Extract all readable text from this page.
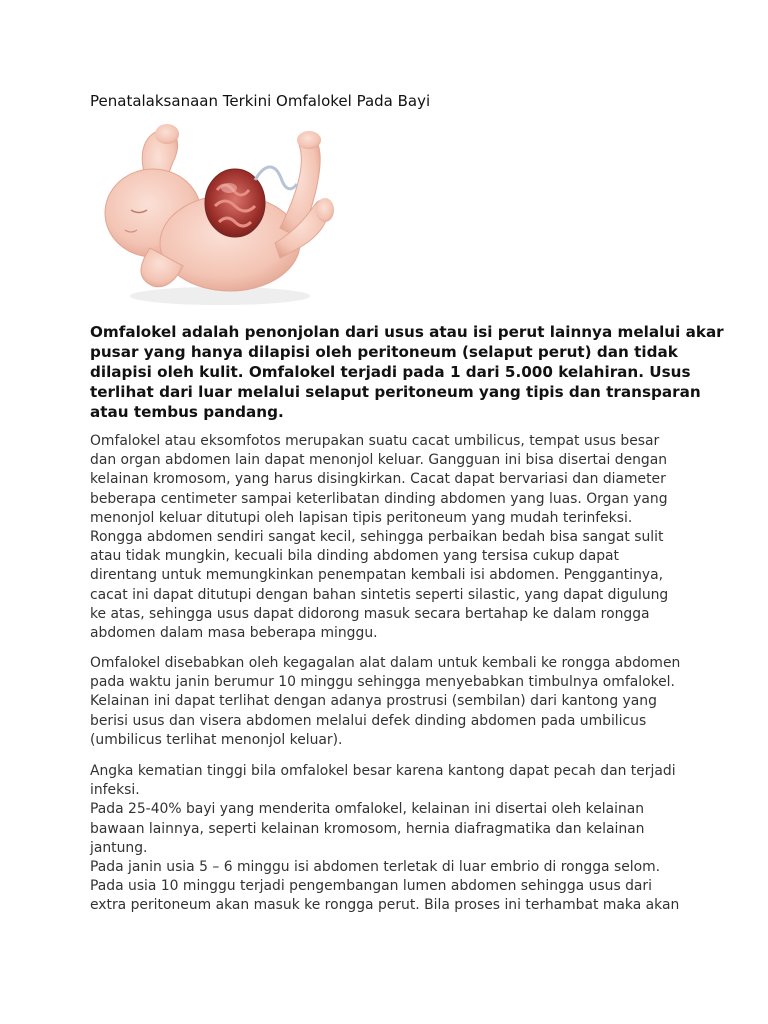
Penatalaksanaan Terkini Omfalokel Pada Bayi

Omfalokel adalah penonjolan dari usus atau isi perut lainnya melalui akar
pusar yang hanya dilapisi oleh peritoneum (selaput perut) dan tidak
dilapisi oleh kulit. Omfalokel terjadi pada 1 dari 5.000 kelahiran. Usus
terlihat dari luar melalui selaput peritoneum yang tipis dan transparan
atau tembus pandang.

Omfalokel atau eksomfotos merupakan suatu cacat umbilicus, tempat usus besar
dan organ abdomen lain dapat menonjol keluar. Gangguan ini bisa disertai dengan
kelainan kromosom, yang harus disingkirkan. Cacat dapat bervariasi dan diameter
beberapa centimeter sampai keterlibatan dinding abdomen yang luas. Organ yang
menonjol keluar ditutupi oleh lapisan tipis peritoneum yang mudah terinfeksi.
Rongga abdomen sendiri sangat kecil, sehingga perbaikan bedah bisa sangat sulit
atau tidak mungkin, kecuali bila dinding abdomen yang tersisa cukup dapat
direntang untuk memungkinkan penempatan kembali isi abdomen. Penggantinya,
cacat ini dapat ditutupi dengan bahan sintetis seperti silastic, yang dapat digulung
ke atas, sehingga usus dapat didorong masuk secara bertahap ke dalam rongga
abdomen dalam masa beberapa minggu.

Omfalokel disebabkan oleh kegagalan alat dalam untuk kembali ke rongga abdomen
pada waktu janin berumur 10 minggu sehingga menyebabkan timbulnya omfalokel.
Kelainan ini dapat terlihat dengan adanya prostrusi (sembilan) dari kantong yang
berisi usus dan visera abdomen melalui defek dinding abdomen pada umbilicus
(umbilicus terlihat menonjol keluar).

Angka kematian tinggi bila omfalokel besar karena kantong dapat pecah dan terjadi
infeksi.
Pada 25-40% bayi yang menderita omfalokel, kelainan ini disertai oleh kelainan
bawaan lainnya, seperti kelainan kromosom, hernia diafragmatika dan kelainan
jantung.
Pada janin usia 5 – 6 minggu isi abdomen terletak di luar embrio di rongga selom.
Pada usia 10 minggu terjadi pengembangan lumen abdomen sehingga usus dari
extra peritoneum akan masuk ke rongga perut. Bila proses ini terhambat maka akan
